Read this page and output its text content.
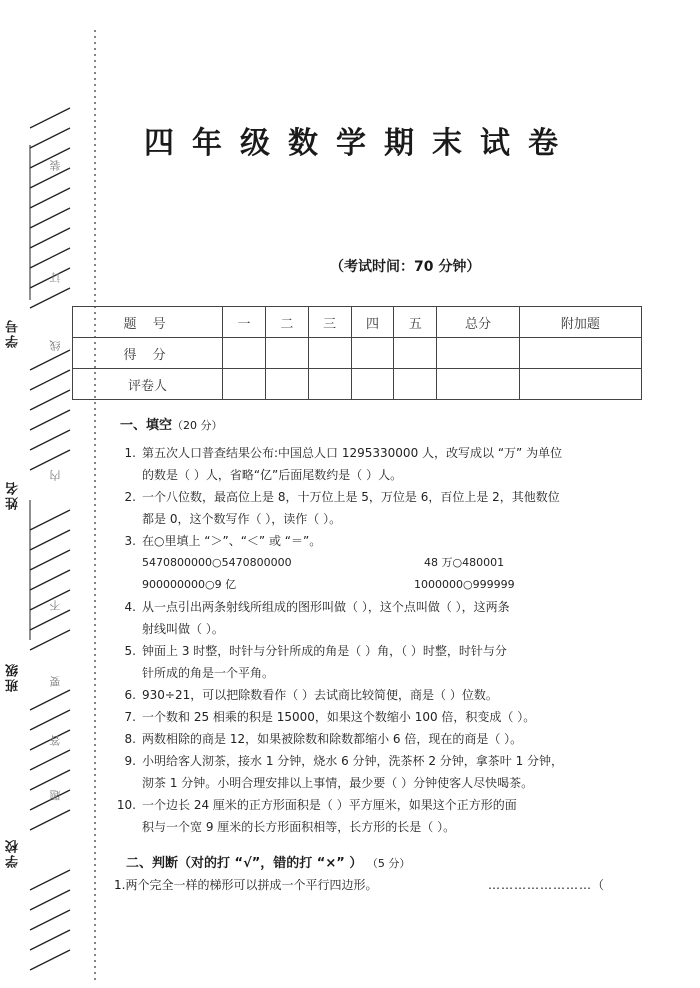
学号
姓名
班级
学校
装
订
线
内
不
要
答
题
四年级数学期末试卷
（考试时间：70 分钟）
题 号	一	二	三	四	五	总分	附加题
得 分							
评卷人							
一、填空（20 分）
1. 第五次人口普查结果公布:中国总人口 1295330000 人，改写成以 “万” 为单位
的数是（ ）人，省略“亿”后面尾数约是（ ）人。
2. 一个八位数，最高位上是 8，十万位上是 5，万位是 6，百位上是 2，其他数位
都是 0，这个数写作（ ），读作（ ）。
3. 在○里填上 “＞”、“＜” 或 “＝”。
5470800000○5470800000	48 万○480001
900000000○9 亿	1000000○999999
4. 从一点引出两条射线所组成的图形叫做（ ），这个点叫做（ ），这两条
射线叫做（ ）。
5. 钟面上 3 时整，时针与分针所成的角是（ ）角，（ ）时整，时针与分
针所成的角是一个平角。
6. 930÷21，可以把除数看作（ ）去试商比较简便，商是（ ）位数。
7. 一个数和 25 相乘的积是 15000，如果这个数缩小 100 倍，积变成（ ）。
8. 两数相除的商是 12，如果被除数和除数都缩小 6 倍，现在的商是（ ）。
9. 小明给客人沏茶，接水 1 分钟，烧水 6 分钟，洗茶杯 2 分钟，拿茶叶 1 分钟，
沏茶 1 分钟。小明合理安排以上事情，最少要（ ）分钟使客人尽快喝茶。
10. 一个边长 24 厘米的正方形面积是（ ）平方厘米，如果这个正方形的面
积与一个宽 9 厘米的长方形面积相等，长方形的长是（ ）。
二、判断（对的打 “√”，错的打 “×” ） （5 分）
1.两个完全一样的梯形可以拼成一个平行四边形。	……………………（
